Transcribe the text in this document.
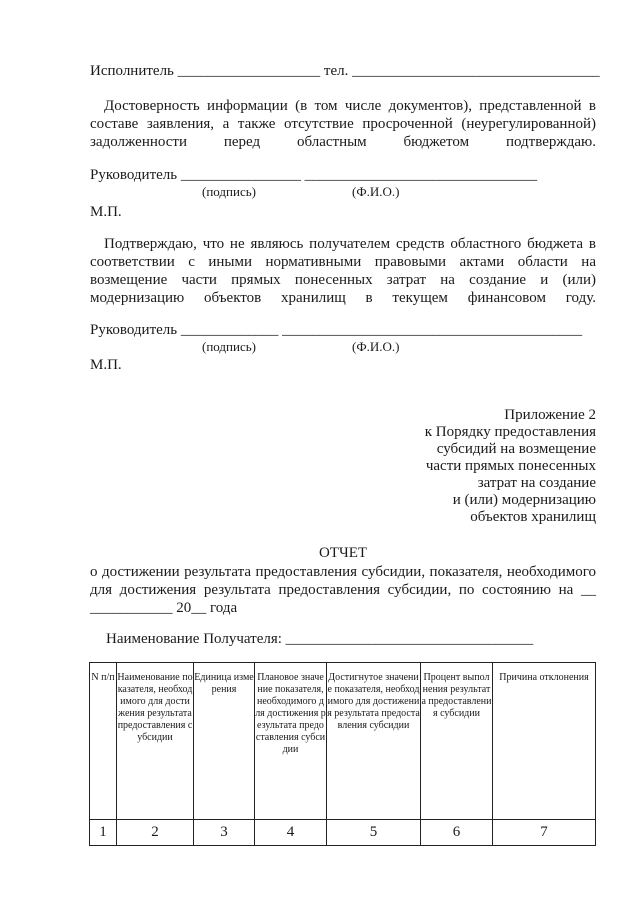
Исполнитель ___________________ тел. _________________________________
Достоверность информации (в том числе документов), представленной в составе заявления, а также отсутствие просроченной (неурегулированной) задолженности перед областным бюджетом подтверждаю.
Руководитель ________________ _______________________________
(подпись)	(Ф.И.О.)
М.П.
Подтверждаю, что не являюсь получателем средств областного бюджета в соответствии с иными нормативными правовыми актами области на возмещение части прямых понесенных затрат на создание и (или) модернизацию объектов хранилищ в текущем финансовом году.
Руководитель _____________ ________________________________________
(подпись)	(Ф.И.О.)
М.П.
Приложение 2
к Порядку предоставления
субсидий на возмещение
части прямых понесенных
затрат на создание
и (или) модернизацию
объектов хранилищ
ОТЧЕТ
о достижении результата предоставления субсидии, показателя, необходимого для достижения результата предоставления субсидии, по состоянию на __ ___________ 20__ года
Наименование Получателя: _________________________________
N п/п	Наименование показателя, необходимого для достижения результата предоставления субсидии	Единица измерения	Плановое значение показателя, необходимого для достижения результата предоставления субсидии	Достигнутое значение показателя, необходимого для достижения результата предоставления субсидии	Процент выполнения результата предоставления субсидии	Причина отклонения
1	2	3	4	5	6	7
